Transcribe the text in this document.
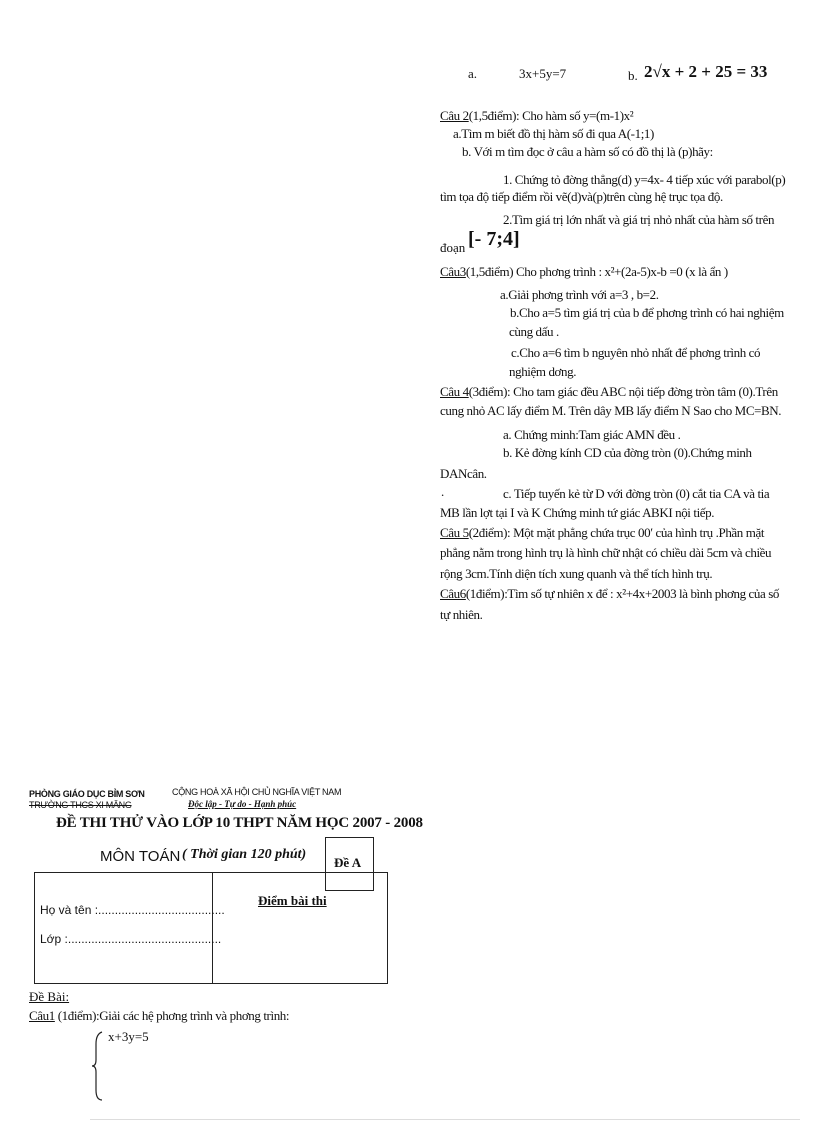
a.	3x+5y=7	b. 2√x + 2 + 25 = 33
Câu 2(1,5điểm): Cho hàm số y=(m-1)x²
a.Tìm m biết đồ thị hàm số đi qua A(-1;1)
b. Với m tìm đọc ở câu a hàm số có đồ thị là (p)hãy:
1. Chứng tỏ đờng thẳng(d) y=4x- 4 tiếp xúc với parabol(p)
tìm tọa độ tiếp điểm rồi vẽ(d)và(p)trên cùng hệ trục tọa độ.
2.Tìm giá trị lớn nhất và giá trị nhỏ nhất của hàm số trên
đoạn [- 7;4]
Câu3(1,5điểm) Cho phơng trình : x²+(2a-5)x-b =0 (x là ẩn )
a.Giải phơng trình với a=3 , b=2.
b.Cho a=5 tìm giá trị của b để phơng trình có hai nghiệm
cùng dấu .
c.Cho a=6 tìm b nguyên nhỏ nhất để phơng trình có
nghiệm dơng.
Câu 4(3điểm): Cho tam giác đều ABC nội tiếp đờng tròn tâm (0).Trên
cung nhỏ AC lấy điểm M. Trên dây MB lấy điểm N Sao cho MC=BN.
a. Chứng minh:Tam giác AMN đều .
b. Kẻ đờng kính CD của đờng tròn (0).Chứng minh
DANcân.
.	c. Tiếp tuyến kẻ từ D với đờng tròn (0) cắt tia CA và tia
MB lần lợt tại I và K Chứng minh tứ giác ABKI nội tiếp.
Câu 5(2điểm): Một mặt phẳng chứa trục 00′ của hình trụ .Phần mặt
phẳng nằm trong hình trụ là hình chữ nhật có chiều dài 5cm và chiều
rộng 3cm.Tính diện tích xung quanh và thể tích hình trụ.
Câu6(1điểm):Tìm số tự nhiên x để : x²+4x+2003 là bình phơng của số
tự nhiên.
PHÒNG GIÁO DỤC BỈM SƠN
TRƯỜNG THCS XI MĂNG
CỘNG HOÀ XÃ HỘI CHỦ NGHĨA VIỆT NAM
Độc lập - Tự do - Hạnh phúc
ĐỀ THI THỬ VÀO LỚP 10 THPT NĂM HỌC 2007 - 2008
MÔN TOÁN ( Thời gian 120 phút)
Đề A
Họ và tên :......................................
Lớp :..............................................
Điểm bài thi
Đề Bài:
Câu1 (1điểm):Giải các hệ phơng trình và phơng trình:
x+3y=5
